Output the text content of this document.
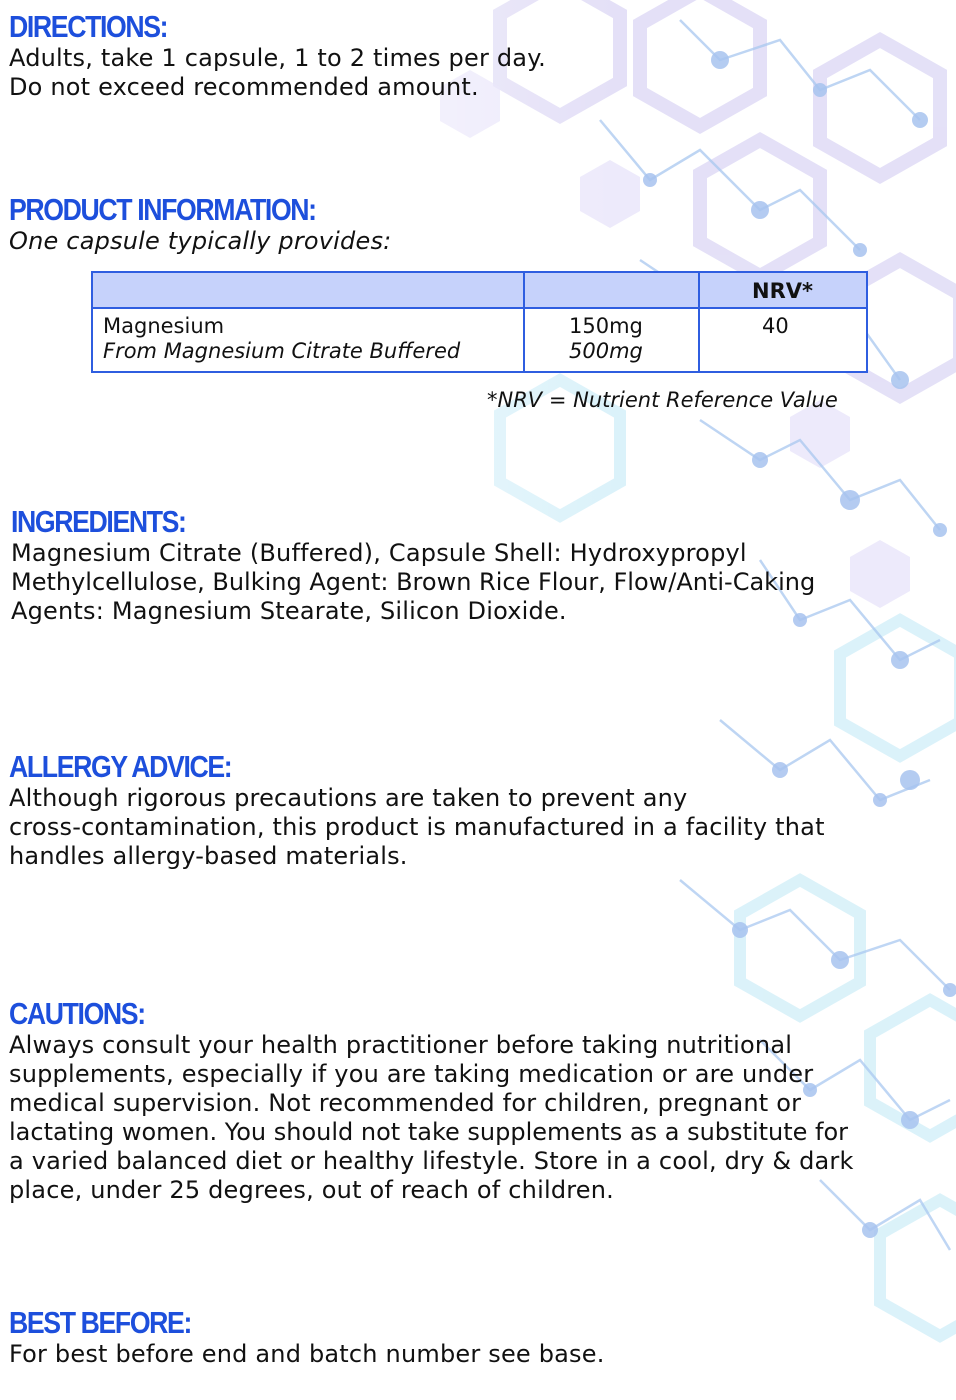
DIRECTIONS:
Adults, take 1 capsule, 1 to 2 times per day.
Do not exceed recommended amount.
PRODUCT INFORMATION:
One capsule typically provides:
NRV*
Magnesium
From Magnesium Citrate Buffered
150mg
500mg
40
*NRV = Nutrient Reference Value
INGREDIENTS:
Magnesium Citrate (Buffered), Capsule Shell: Hydroxypropyl
Methylcellulose, Bulking Agent: Brown Rice Flour, Flow/Anti-Caking
Agents: Magnesium Stearate, Silicon Dioxide.
ALLERGY ADVICE:
Although rigorous precautions are taken to prevent any
cross-contamination, this product is manufactured in a facility that
handles allergy-based materials.
CAUTIONS:
Always consult your health practitioner before taking nutritional
supplements, especially if you are taking medication or are under
medical supervision. Not recommended for children, pregnant or
lactating women. You should not take supplements as a substitute for
a varied balanced diet or healthy lifestyle. Store in a cool, dry & dark
place, under 25 degrees, out of reach of children.
BEST BEFORE:
For best before end and batch number see base.
